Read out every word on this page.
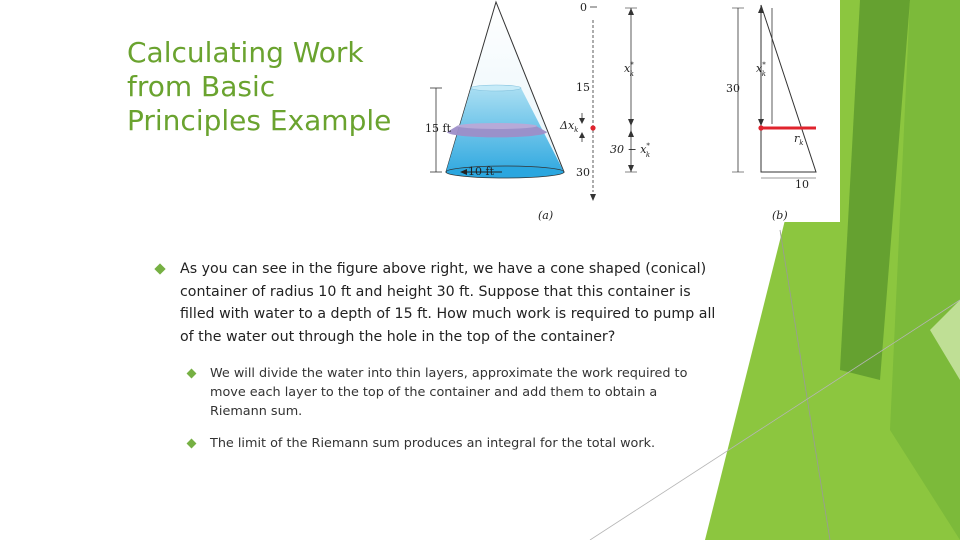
Calculating Work
from Basic
Principles Example	15 ft
10 ft
0
15
30
$\Delta x_k$
x* k
30 − x* k
(a)
30
x* k
$r_k$
10
(b)
As you can see in the figure above right, we have a cone shaped (conical) container of radius 10 ft and height 30 ft. Suppose that this container is filled with water to a depth of 15 ft. How much work is required to pump all of the water out through the hole in the top of the container?
We will divide the water into thin layers, approximate the work required to move each layer to the top of the container and add them to obtain a Riemann sum.
The limit of the Riemann sum produces an integral for the total work.
